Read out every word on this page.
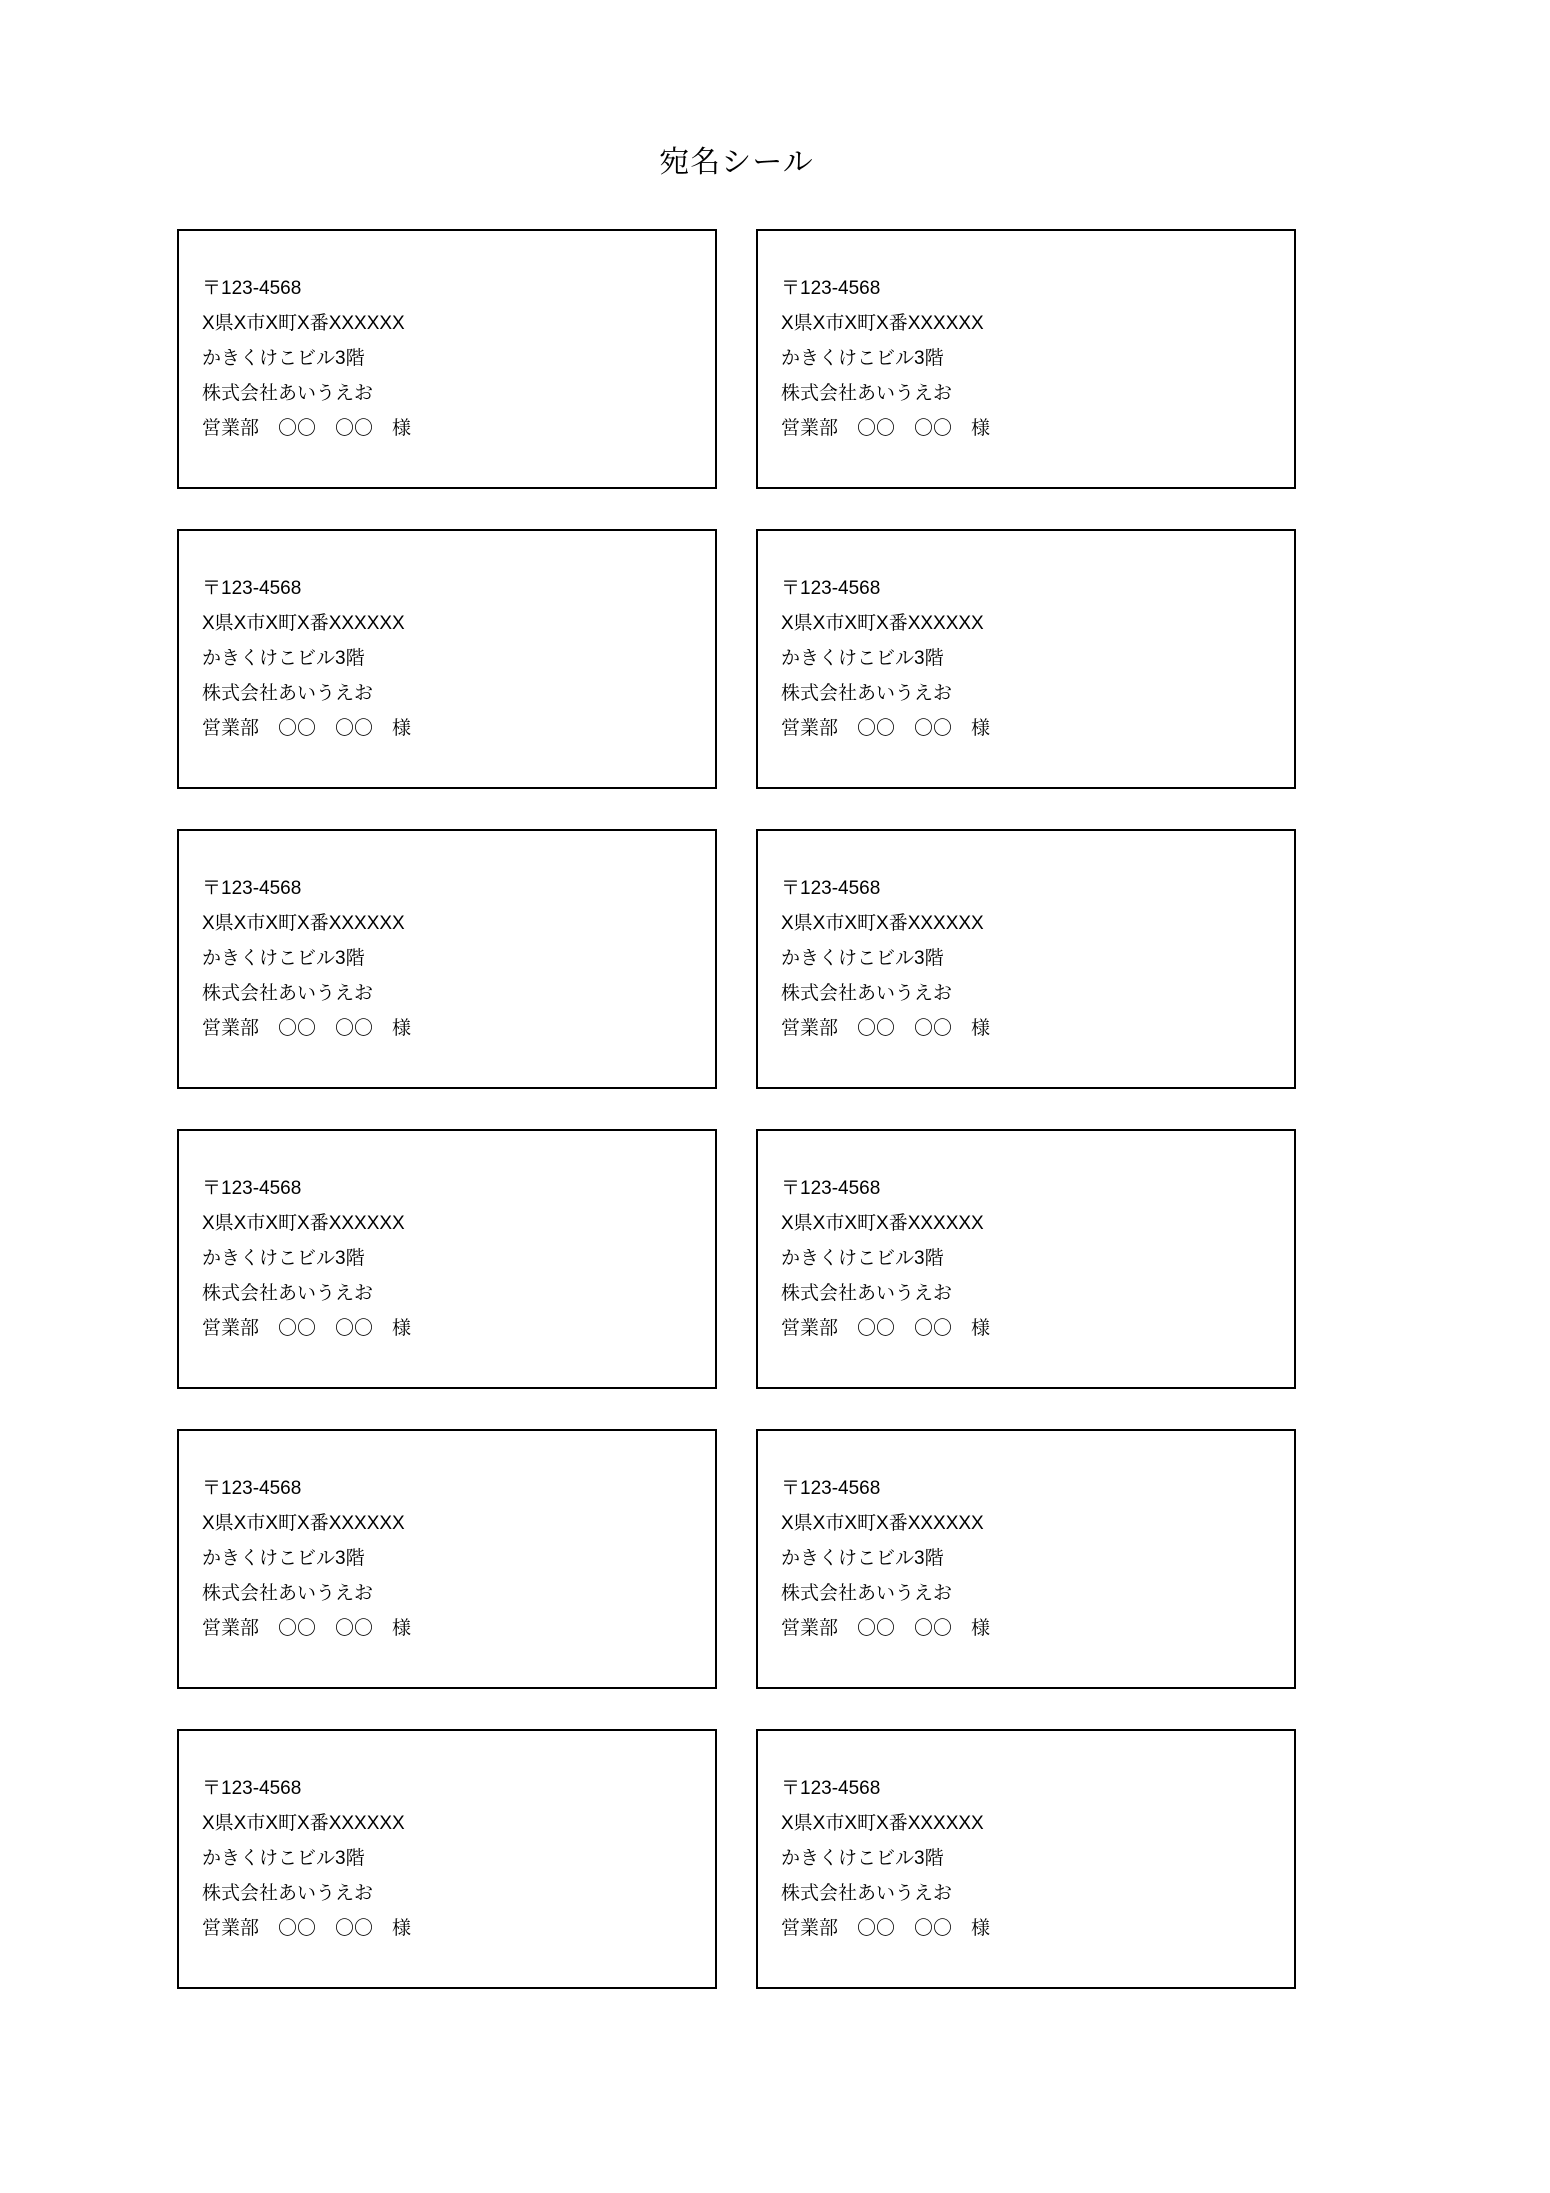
宛名シール

〒123-4568

X県X市X町X番XXXXXX

かきくけこビル3階

株式会社あいうえお

営業部　〇〇　〇〇　様

〒123-4568

X県X市X町X番XXXXXX

かきくけこビル3階

株式会社あいうえお

営業部　〇〇　〇〇　様

〒123-4568

X県X市X町X番XXXXXX

かきくけこビル3階

株式会社あいうえお

営業部　〇〇　〇〇　様

〒123-4568

X県X市X町X番XXXXXX

かきくけこビル3階

株式会社あいうえお

営業部　〇〇　〇〇　様

〒123-4568

X県X市X町X番XXXXXX

かきくけこビル3階

株式会社あいうえお

営業部　〇〇　〇〇　様

〒123-4568

X県X市X町X番XXXXXX

かきくけこビル3階

株式会社あいうえお

営業部　〇〇　〇〇　様

〒123-4568

X県X市X町X番XXXXXX

かきくけこビル3階

株式会社あいうえお

営業部　〇〇　〇〇　様

〒123-4568

X県X市X町X番XXXXXX

かきくけこビル3階

株式会社あいうえお

営業部　〇〇　〇〇　様

〒123-4568

X県X市X町X番XXXXXX

かきくけこビル3階

株式会社あいうえお

営業部　〇〇　〇〇　様

〒123-4568

X県X市X町X番XXXXXX

かきくけこビル3階

株式会社あいうえお

営業部　〇〇　〇〇　様

〒123-4568

X県X市X町X番XXXXXX

かきくけこビル3階

株式会社あいうえお

営業部　〇〇　〇〇　様

〒123-4568

X県X市X町X番XXXXXX

かきくけこビル3階

株式会社あいうえお

営業部　〇〇　〇〇　様
